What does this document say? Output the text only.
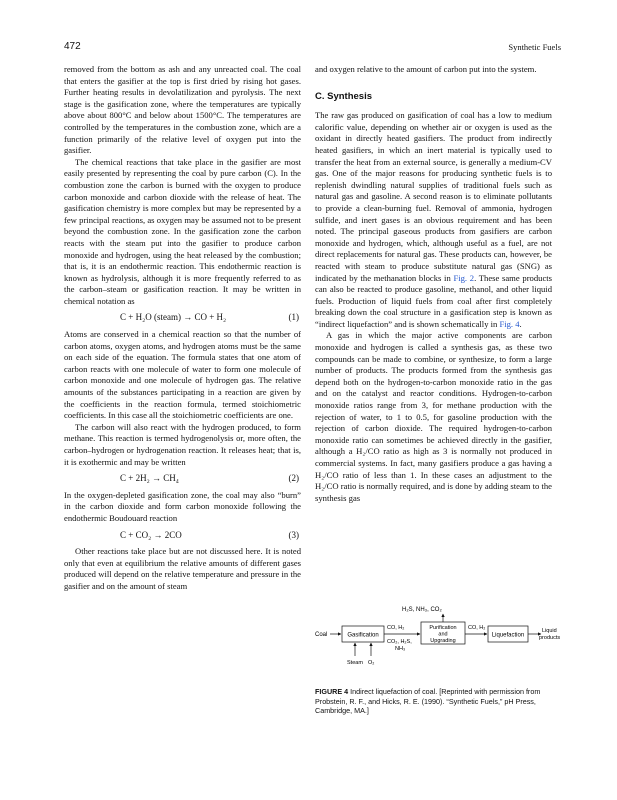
472	Synthetic Fuels

removed from the bottom as ash and any unreacted coal. The coal that enters the gasifier at the top is first dried by rising hot gases. Further heating results in devolatilization and pyrolysis. The next stage is the gasification zone, where the temperatures are typically above about 800°C and below about 1500°C. The temperatures are controlled by the temperatures in the combustion zone, which are a function primarily of the relative level of oxygen put into the gasifier.

The chemical reactions that take place in the gasifier are most easily presented by representing the coal by pure carbon (C). In the combustion zone the carbon is burned with the oxygen to produce carbon monoxide and carbon dioxide with the release of heat. The gasification chemistry is more complex but may be represented by a few principal reactions, as oxygen may be assumed not to be present beyond the combustion zone. In the gasification zone the carbon reacts with the steam put into the gasifier to produce carbon monoxide and hydrogen, using the heat released by the combustion; that is, it is an endothermic reaction. This endothermic reaction is known as hydrolysis, although it is more frequently referred to as the carbon–steam or gasification reaction. It may be written in chemical notation as

C + H₂O (steam) → CO + H₂	(1)

Atoms are conserved in a chemical reaction so that the number of carbon atoms, oxygen atoms, and hydrogen atoms must be the same on each side of the equation. The formula states that one atom of carbon reacts with one molecule of water to form one molecule of carbon monoxide and one molecule of hydrogen gas. The relative amounts of the substances participating in a reaction are given by the coefficients in the reaction formula, termed stoichiometric coefficients. In this case all the stoichiometric coefficients are one.

The carbon will also react with the hydrogen produced, to form methane. This reaction is termed hydrogenolysis or, more often, the carbon–hydrogen or hydrogenation reaction. It releases heat; that is, it is exothermic and may be written

C + 2H₂ → CH₄	(2)

In the oxygen-depleted gasification zone, the coal may also “burn” in the carbon dioxide and form carbon monoxide following the endothermic Boudouard reaction

C + CO₂ → 2CO	(3)

Other reactions take place but are not discussed here. It is noted only that even at equilibrium the relative amounts of different gases produced will depend on the relative temperature and pressure in the gasifier and on the amount of steam

and oxygen relative to the amount of carbon put into the system.

C. Synthesis

The raw gas produced on gasification of coal has a low to medium calorific value, depending on whether air or oxygen is used as the oxidant in directly heated gasifiers. The product from indirectly heated gasifiers, in which an inert material is typically used to transfer the heat from an external source, is generally a medium-CV gas. One of the major reasons for producing synthetic fuels is to replenish dwindling natural supplies of traditional fuels such as natural gas and gasoline. A second reason is to eliminate pollutants to provide a clean-burning fuel. Removal of ammonia, hydrogen sulfide, and inert gases is an obvious requirement and has been noted. The principal gaseous products from gasifiers are carbon monoxide and hydrogen, which, although useful as a fuel, are not direct replacements for natural gas. These products can, however, be reacted with steam to produce substitute natural gas (SNG) as indicated by the methanation blocks in Fig. 2. These same products can also be reacted to produce gasoline, methanol, and other liquid fuels. Production of liquid fuels from coal after first completely breaking down the coal structure in a gasification step is known as “indirect liquefaction” and is shown schematically in Fig. 4.

A gas in which the major active components are carbon monoxide and hydrogen is called a synthesis gas, as these two compounds can be made to combine, or synthesize, to form a large number of products. The products formed from the synthesis gas depend both on the hydrogen-to-carbon monoxide ratio in the gas and on the catalyst and reactor conditions. Hydrogen-to-carbon monoxide ratios range from 3, for methane production with the rejection of water, to 1 to 0.5, for gasoline production with the rejection of carbon dioxide. The required hydrogen-to-carbon monoxide ratio can sometimes be achieved directly in the gasifier, although a H₂/CO ratio as high as 3 is normally not produced in commercial systems. In fact, many gasifiers produce a gas having a H₂/CO ratio of less than 1. In these cases an adjustment to the H₂/CO ratio is normally required, and is done by adding steam to the synthesis gas

H₂S, NH₃, CO₂
Coal	Gasification
CO, H₂
CO₂, H₂S,
NH₃
Purification
and
Upgrading
CO, H₂
Liquefaction
Liquid
products
Steam O₂
FIGURE 4 Indirect liquefaction of coal. [Reprinted with permission from Probstein, R. F., and Hicks, R. E. (1990). “Synthetic Fuels,” pH Press, Cambridge, MA.]
